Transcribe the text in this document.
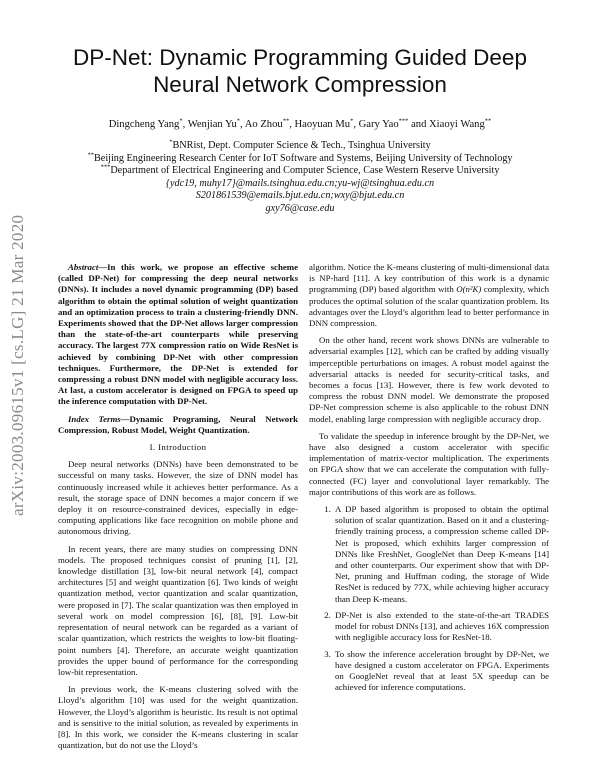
arXiv:2003.09615v1 [cs.LG] 21 Mar 2020
DP-Net: Dynamic Programming Guided Deep Neural Network Compression
Dingcheng Yang*, Wenjian Yu*, Ao Zhou**, Haoyuan Mu*, Gary Yao*** and Xiaoyi Wang**
*BNRist, Dept. Computer Science & Tech., Tsinghua University
**Beijing Engineering Research Center for IoT Software and Systems, Beijing University of Technology
***Department of Electrical Engineering and Computer Science, Case Western Reserve University
{ydc19, muhy17}@mails.tsinghua.edu.cn;yu-wj@tsinghua.edu.cn
S201861539@emails.bjut.edu.cn;wxy@bjut.edu.cn
gxy76@case.edu

Abstract—In this work, we propose an effective scheme (called DP-Net) for compressing the deep neural networks (DNNs). It includes a novel dynamic programming (DP) based algorithm to obtain the optimal solution of weight quantization and an optimization process to train a clustering-friendly DNN. Experiments showed that the DP-Net allows larger compression than the state-of-the-art counterparts while preserving accuracy. The largest 77X compression ratio on Wide ResNet is achieved by combining DP-Net with other compression techniques. Furthermore, the DP-Net is extended for compressing a robust DNN model with negligible accuracy loss. At last, a custom accelerator is designed on FPGA to speed up the inference computation with DP-Net.

Index Terms—Dynamic Programing, Neural Network Compression, Robust Model, Weight Quantization.

I. Introduction

Deep neural networks (DNNs) have been demonstrated to be successful on many tasks. However, the size of DNN model has continuously increased while it achieves better performance. As a result, the storage space of DNN becomes a major concern if we deploy it on resource-constrained devices, especially in edge-computing applications like face recognition on mobile phone and autonomous driving.

In recent years, there are many studies on compressing DNN models. The proposed techniques consist of pruning [1], [2], knowledge distillation [3], low-bit neural network [4], compact architectures [5] and weight quantization [6]. Two kinds of weight quantization method, vector quantization and scalar quantization, were proposed in [7]. The scalar quantization was then employed in several work on model compression [6], [8], [9]. Low-bit representation of neural network can be regarded as a variant of scalar quantization, which restricts the weights to low-bit floating-point numbers [4]. Therefore, an accurate weight quantization provides the upper bound of performance for the corresponding low-bit representation.

In previous work, the K-means clustering solved with the Lloyd’s algorithm [10] was used for the weight quantization. However, the Lloyd’s algorithm is heuristic. Its result is not optimal and is sensitive to the initial solution, as revealed by experiments in [8]. In this work, we consider the K-means clustering in scalar quantization, but do not use the Lloyd’s

algorithm. Notice the K-means clustering of multi-dimensional data is NP-hard [11]. A key contribution of this work is a dynamic programming (DP) based algorithm with O(n²K) complexity, which produces the optimal solution of the scalar quantization problem. Its advantages over the Lloyd’s algorithm lead to better performance in DNN compression.

On the other hand, recent work shows DNNs are vulnerable to adversarial examples [12], which can be crafted by adding visually imperceptible perturbations on images. A robust model against the adversarial attacks is needed for security-critical tasks, and becomes a focus [13]. However, there is few work devoted to compress the robust DNN model. We demonstrate the proposed DP-Net compression scheme is also applicable to the robust DNN model, enabling large compression with negligible accuracy drop.

To validate the speedup in inference brought by the DP-Net, we have also designed a custom accelerator with specific implementation of matrix-vector multiplication. The experiments on FPGA show that we can accelerate the computation with fully-connected (FC) layer and convolutional layer remarkably. The major contributions of this work are as follows.

1. A DP based algorithm is proposed to obtain the optimal solution of scalar quantization. Based on it and a clustering-friendly training process, a compression scheme called DP-Net is proposed, which exhibits larger compression of DNNs like FreshNet, GoogleNet than Deep K-means [14] and other counterparts. Our experiment show that with DP-Net, pruning and Huffman coding, the storage of Wide ResNet is reduced by 77X, while achieving higher accuracy than Deep K-means.
2. DP-Net is also extended to the state-of-the-art TRADES model for robust DNNs [13], and achieves 16X compression with negligible accuracy loss for ResNet-18.
3. To show the inference acceleration brought by DP-Net, we have designed a custom accelerator on FPGA. Experiments on GoogleNet reveal that at least 5X speedup can be achieved for inference computations.
